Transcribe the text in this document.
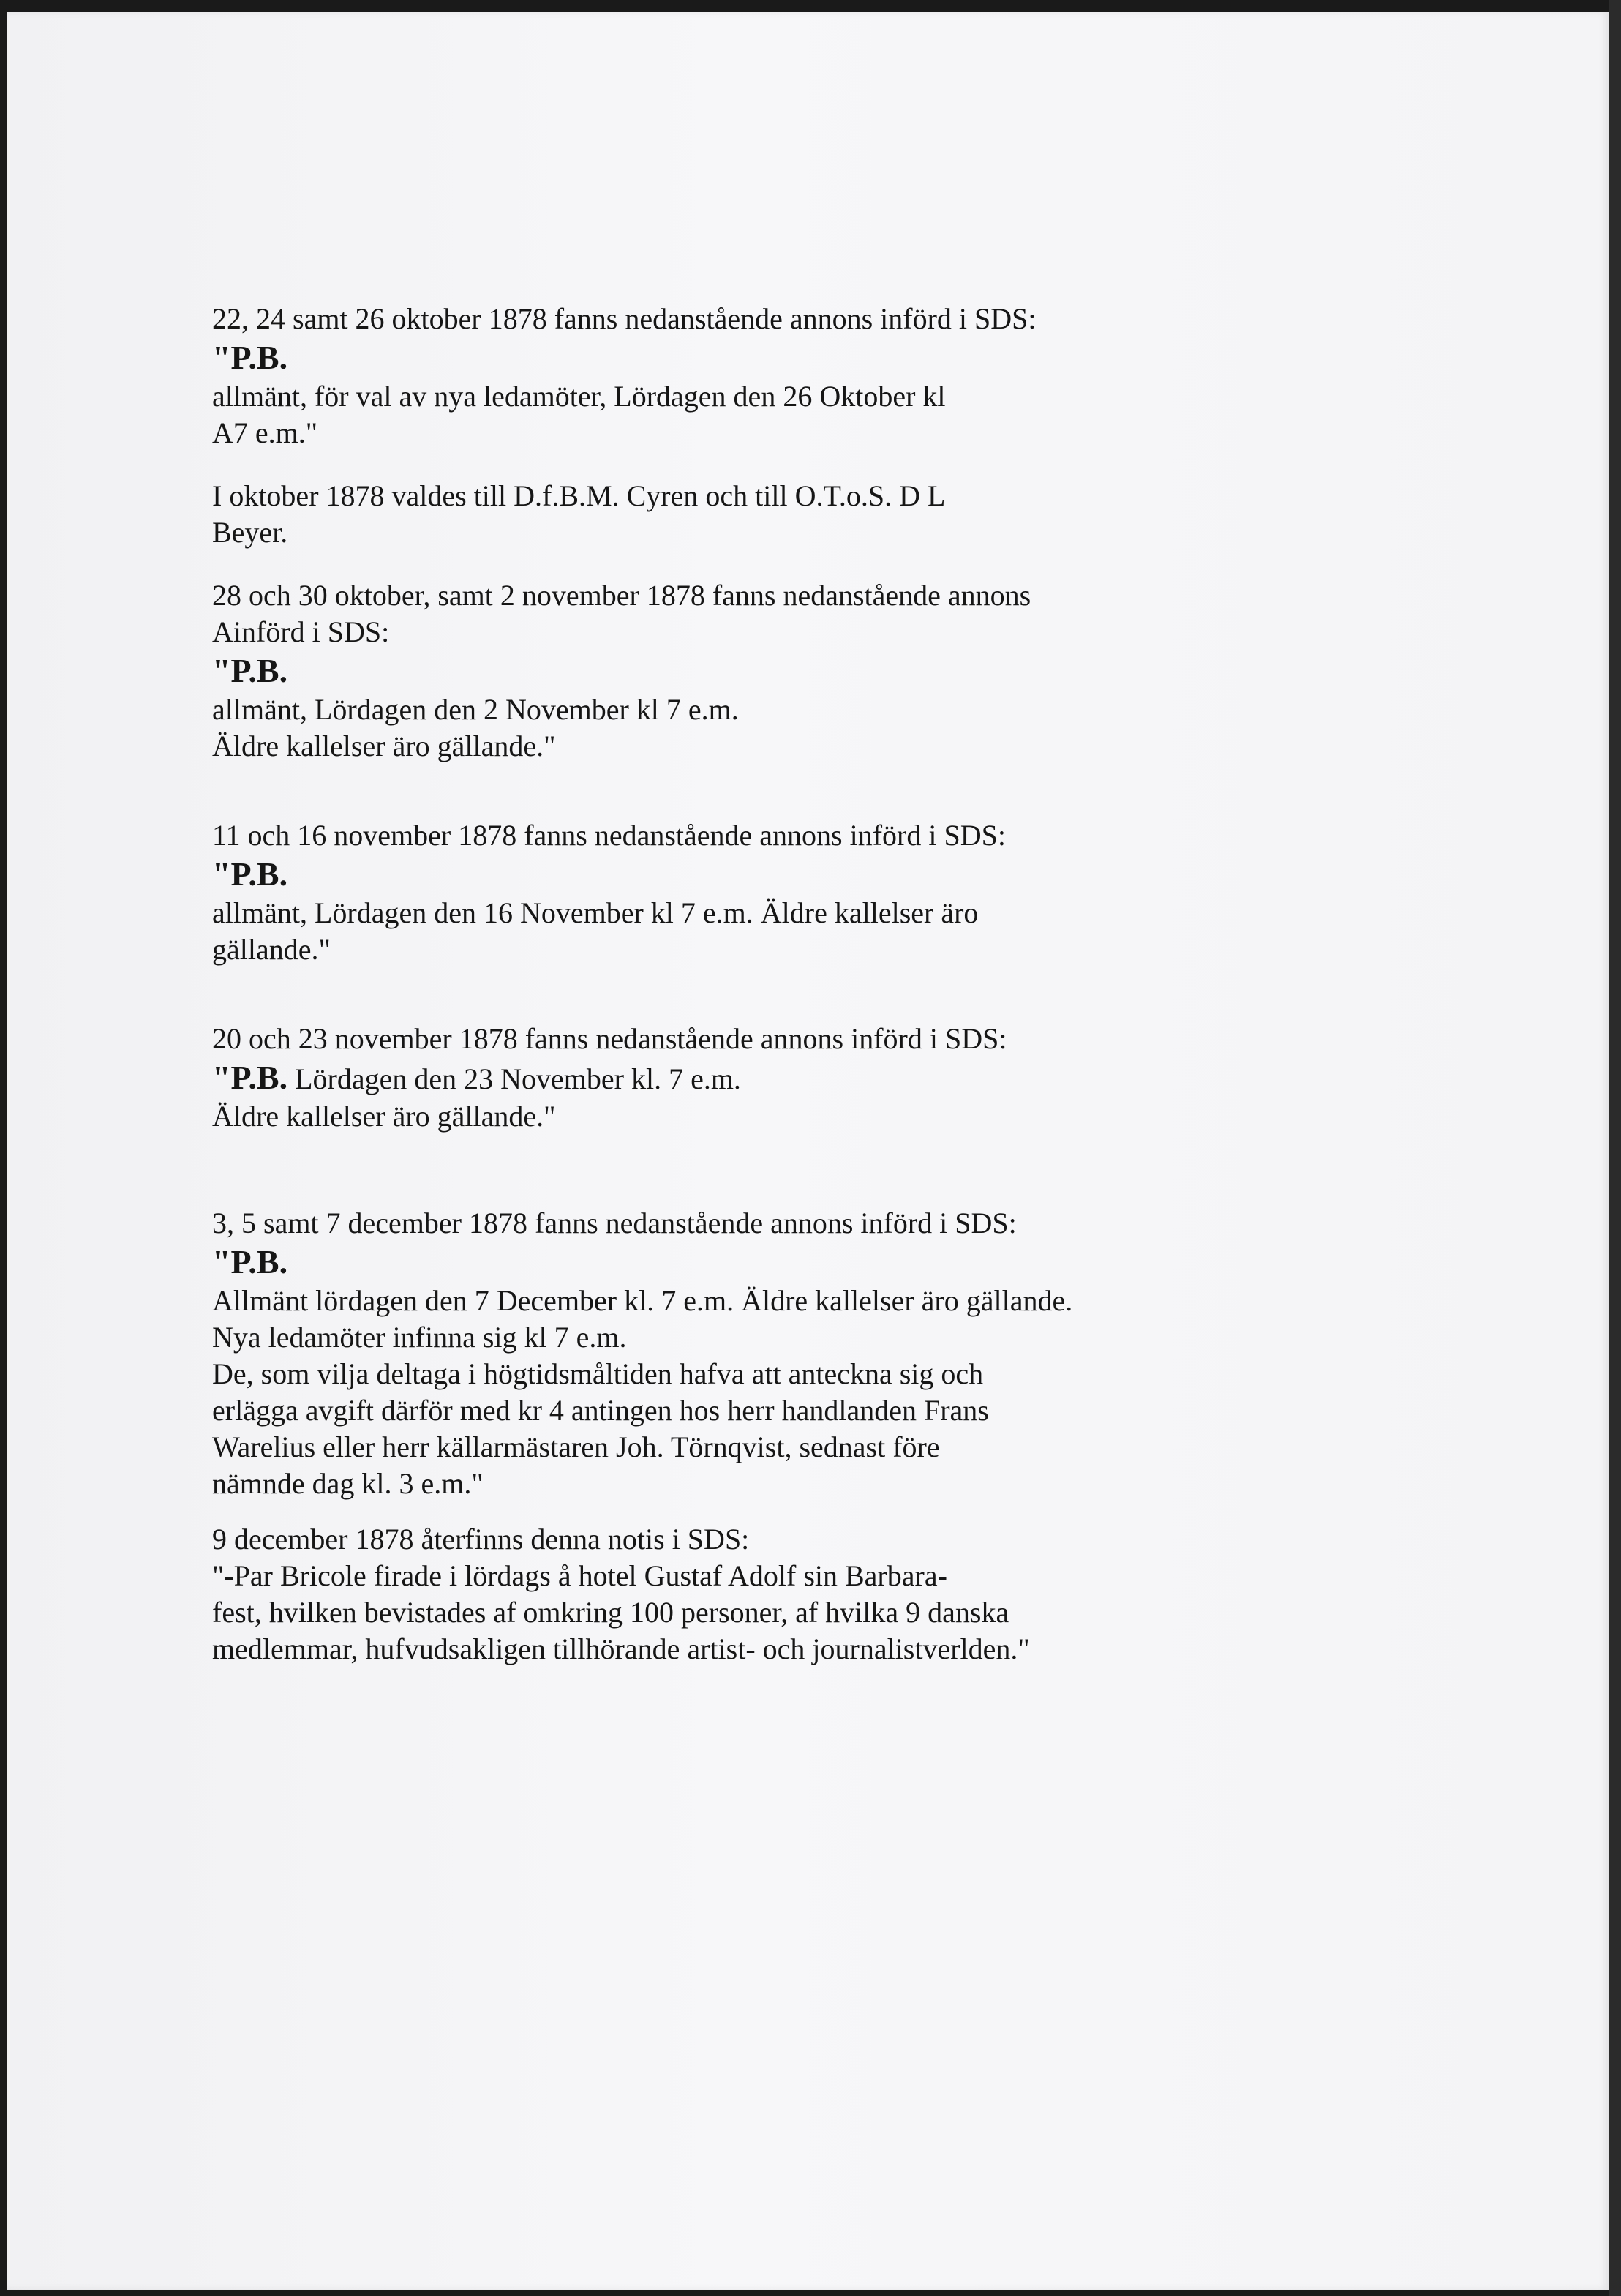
22, 24 samt 26 oktober 1878 fanns nedanstående annons införd i SDS:
"P.B.
allmänt, för val av nya ledamöter, Lördagen den 26 Oktober kl
A7 e.m."
I oktober 1878 valdes till D.f.B.M. Cyren och till O.T.o.S. D L
Beyer.
28 och 30 oktober, samt 2 november 1878 fanns nedanstående annons
Ainförd i SDS:
"P.B.
allmänt, Lördagen den 2 November kl 7 e.m.
Äldre kallelser äro gällande."
11 och 16 november 1878 fanns nedanstående annons införd i SDS:
"P.B.
allmänt, Lördagen den 16 November kl 7 e.m. Äldre kallelser äro
gällande."
20 och 23 november 1878 fanns nedanstående annons införd i SDS:
"P.B. Lördagen den 23 November kl. 7 e.m.
Äldre kallelser äro gällande."
3, 5 samt 7 december 1878 fanns nedanstående annons införd i SDS:
"P.B.
Allmänt lördagen den 7 December kl. 7 e.m. Äldre kallelser äro gällande.
Nya ledamöter infinna sig kl 7 e.m.
De, som vilja deltaga i högtidsmåltiden hafva att anteckna sig och
erlägga avgift därför med kr 4 antingen hos herr handlanden Frans
Warelius eller herr källarmästaren Joh. Törnqvist, sednast före
nämnde dag kl. 3 e.m."
9 december 1878 återfinns denna notis i SDS:
"-Par Bricole firade i lördags å hotel Gustaf Adolf sin Barbara-
fest, hvilken bevistades af omkring 100 personer, af hvilka 9 danska
medlemmar, hufvudsakligen tillhörande artist- och journalistverlden."
